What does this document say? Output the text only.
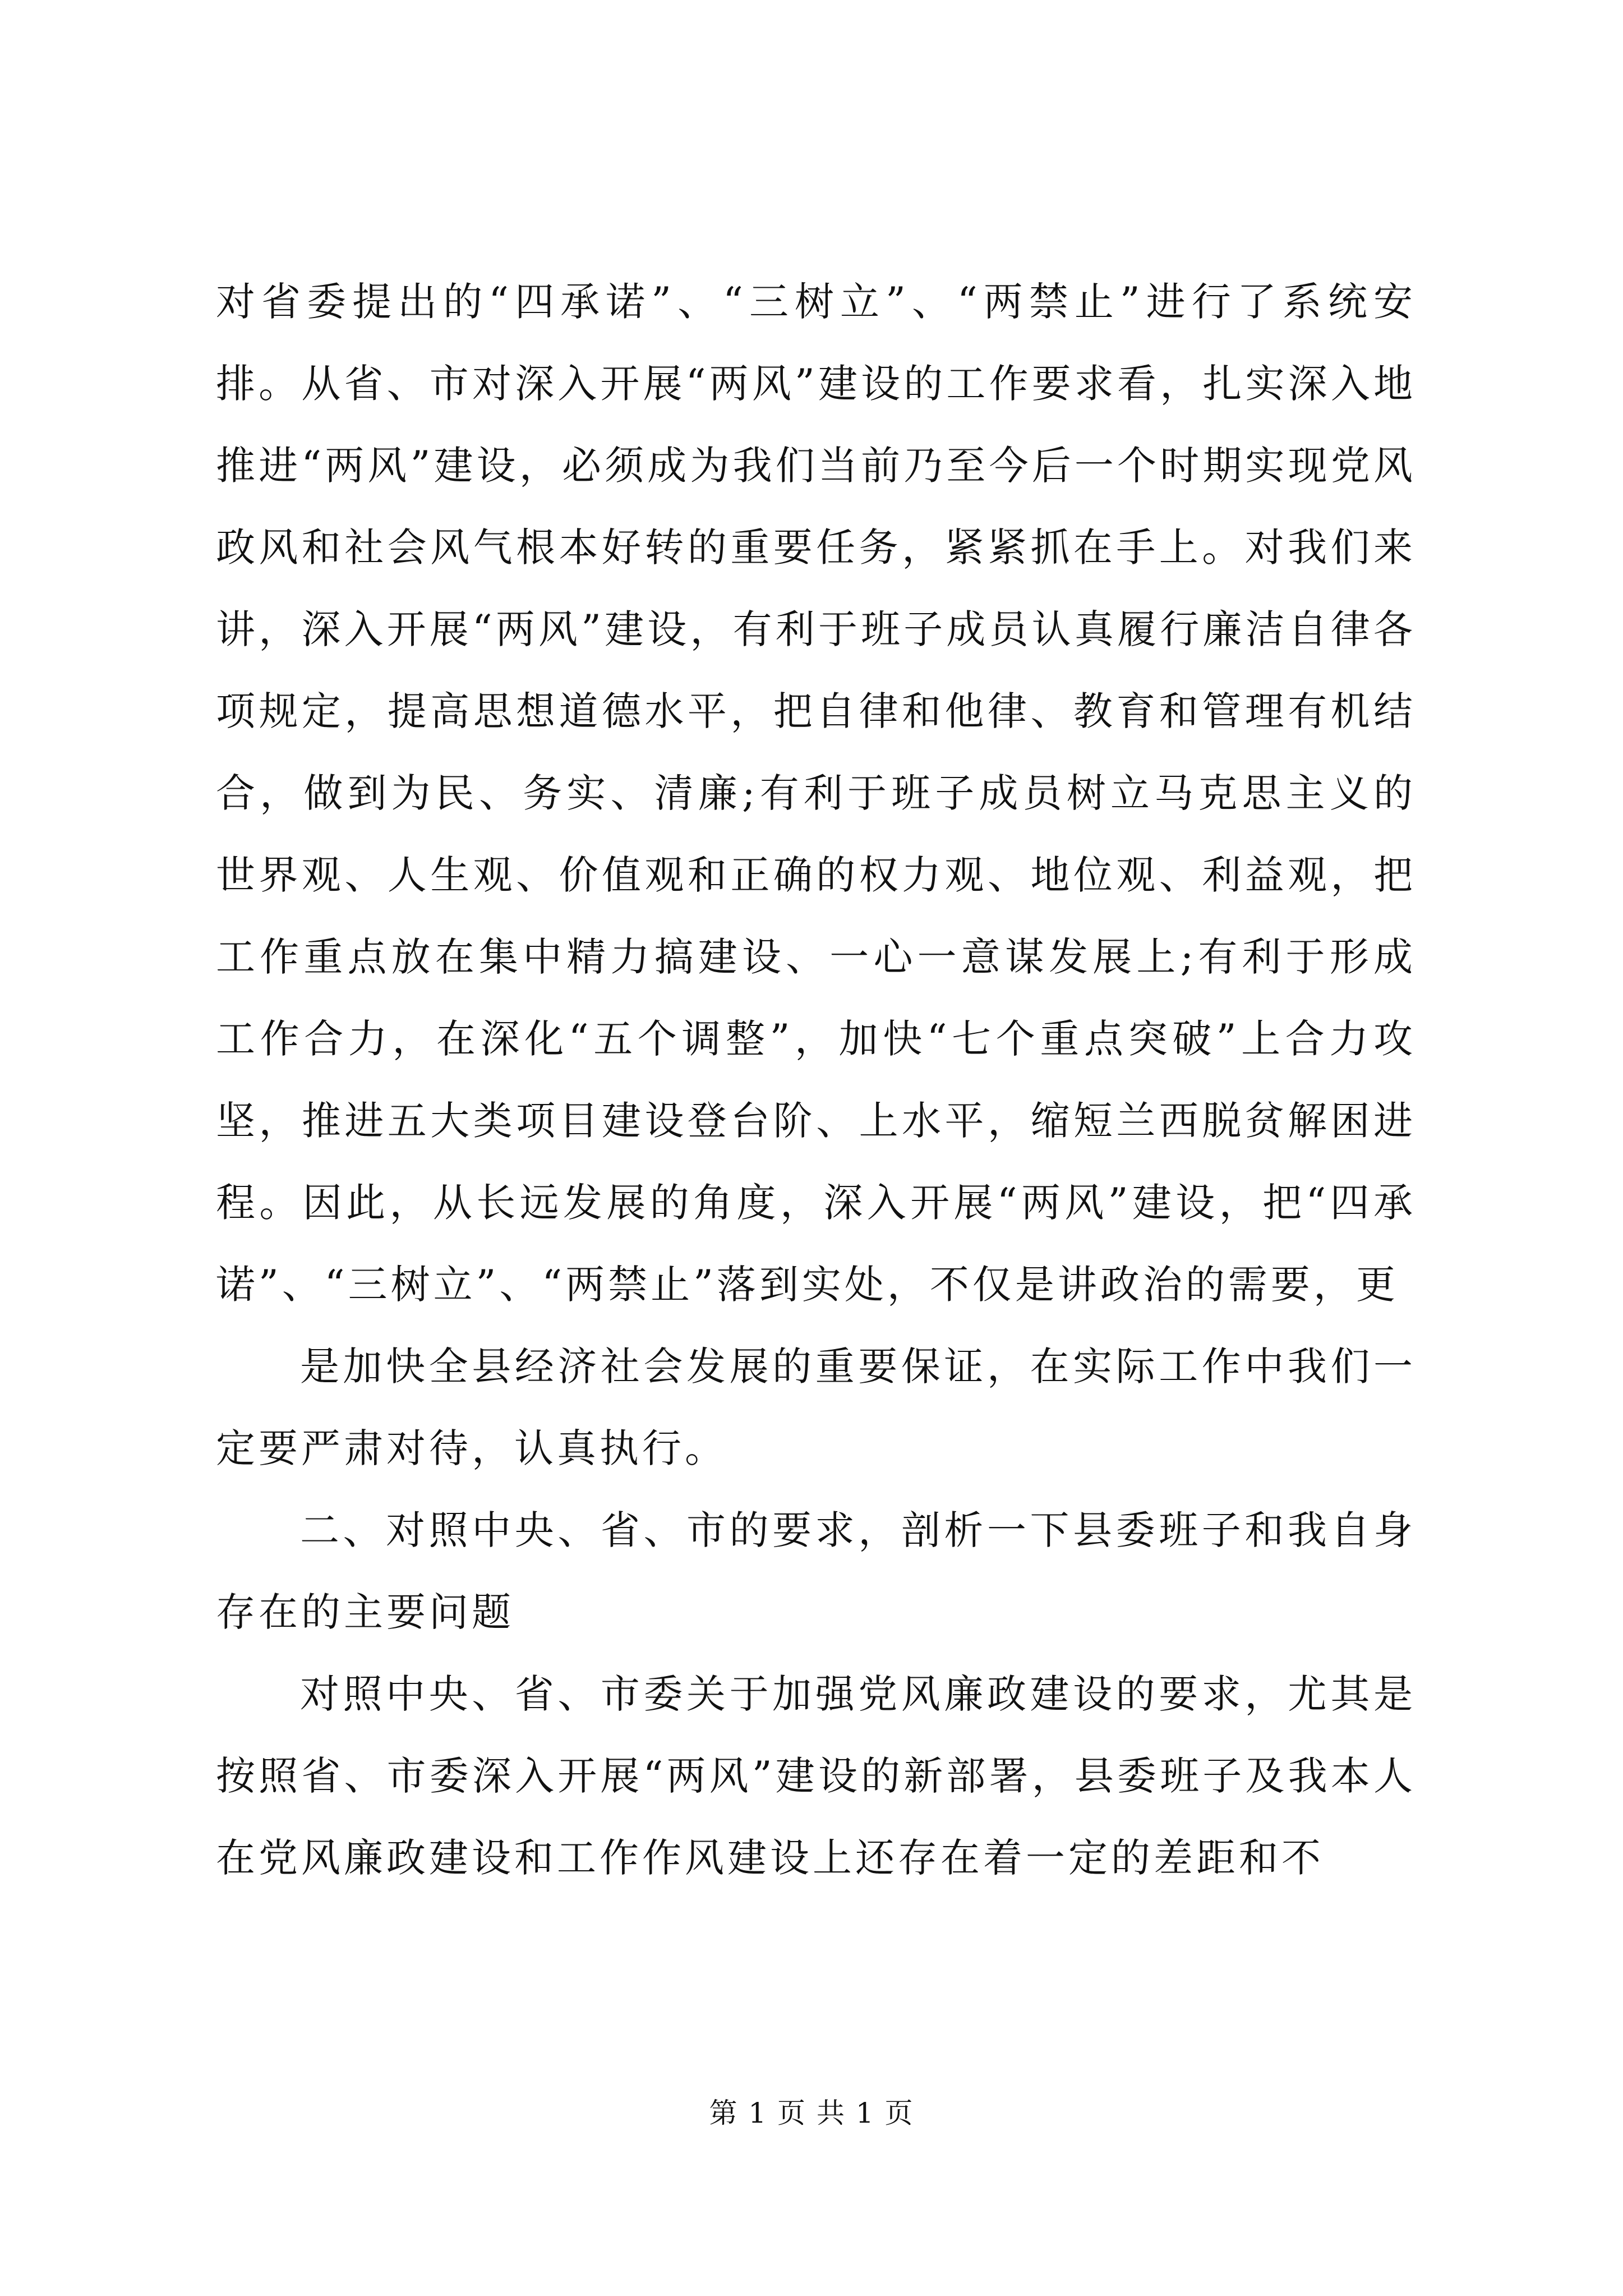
对省委提出的“四承诺”、“三树立”、“两禁止”进行了系统安排。从省、市对深入开展“两风”建设的工作要求看，扎实深入地推进“两风”建设，必须成为我们当前乃至今后一个时期实现党风政风和社会风气根本好转的重要任务，紧紧抓在手上。对我们来讲，深入开展“两风”建设，有利于班子成员认真履行廉洁自律各项规定，提高思想道德水平，把自律和他律、教育和管理有机结合，做到为民、务实、清廉;有利于班子成员树立马克思主义的世界观、人生观、价值观和正确的权力观、地位观、利益观，把工作重点放在集中精力搞建设、一心一意谋发展上;有利于形成工作合力，在深化“五个调整”，加快“七个重点突破”上合力攻坚，推进五大类项目建设登台阶、上水平，缩短兰西脱贫解困进程。因此，从长远发展的角度，深入开展“两风”建设，把“四承诺”、“三树立”、“两禁止”落到实处，不仅是讲政治的需要，更

是加快全县经济社会发展的重要保证，在实际工作中我们一定要严肃对待，认真执行。

二、对照中央、省、市的要求，剖析一下县委班子和我自身存在的主要问题

对照中央、省、市委关于加强党风廉政建设的要求，尤其是按照省、市委深入开展“两风”建设的新部署，县委班子及我本人在党风廉政建设和工作作风建设上还存在着一定的差距和不

第 1 页 共 1 页
